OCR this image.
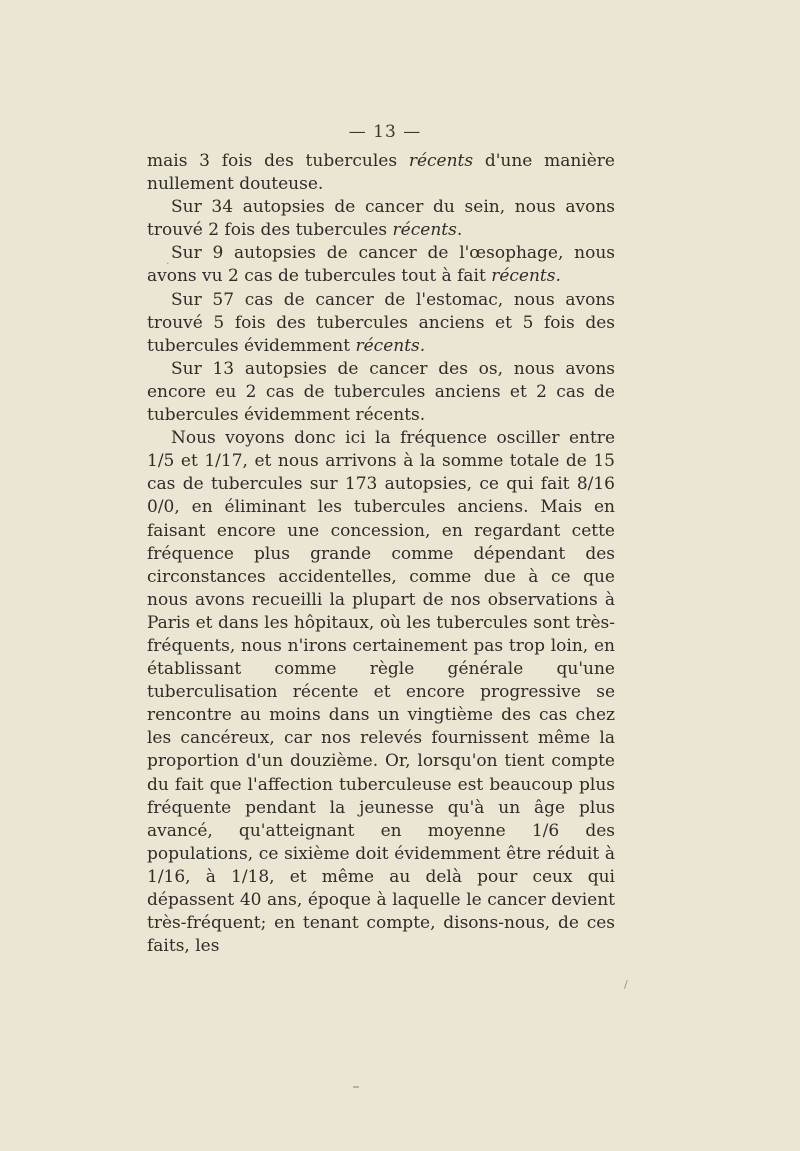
— 13 —

mais 3 fois des tubercules récents d'une manière nullement douteuse.

Sur 34 autopsies de cancer du sein, nous avons trouvé 2 fois des tubercules récents.

Sur 9 autopsies de cancer de l'œsophage, nous avons vu 2 cas de tubercules tout à fait récents.

Sur 57 cas de cancer de l'estomac, nous avons trouvé 5 fois des tubercules anciens et 5 fois des tubercules évidemment récents.

Sur 13 autopsies de cancer des os, nous avons encore eu 2 cas de tubercules anciens et 2 cas de tubercules évidemment récents.

Nous voyons donc ici la fréquence osciller entre 1/5 et 1/17, et nous arrivons à la somme totale de 15 cas de tubercules sur 173 autopsies, ce qui fait 8/16 0/0, en éliminant les tubercules anciens. Mais en faisant encore une concession, en regardant cette fréquence plus grande comme dépendant des circonstances accidentelles, comme due à ce que nous avons recueilli la plupart de nos observations à Paris et dans les hôpitaux, où les tubercules sont très-fréquents, nous n'irons certainement pas trop loin, en établissant comme règle générale qu'une tuberculisation récente et encore progressive se rencontre au moins dans un vingtième des cas chez les cancéreux, car nos relevés fournissent même la proportion d'un douzième. Or, lorsqu'on tient compte du fait que l'affection tuberculeuse est beaucoup plus fréquente pendant la jeunesse qu'à un âge plus avancé, qu'atteignant en moyenne 1/6 des populations, ce sixième doit évidemment être réduit à 1/16, à 1/18, et même au delà pour ceux qui dépassent 40 ans, époque à laquelle le cancer devient très-fréquent; en tenant compte, disons-nous, de ces faits, les

·
/
